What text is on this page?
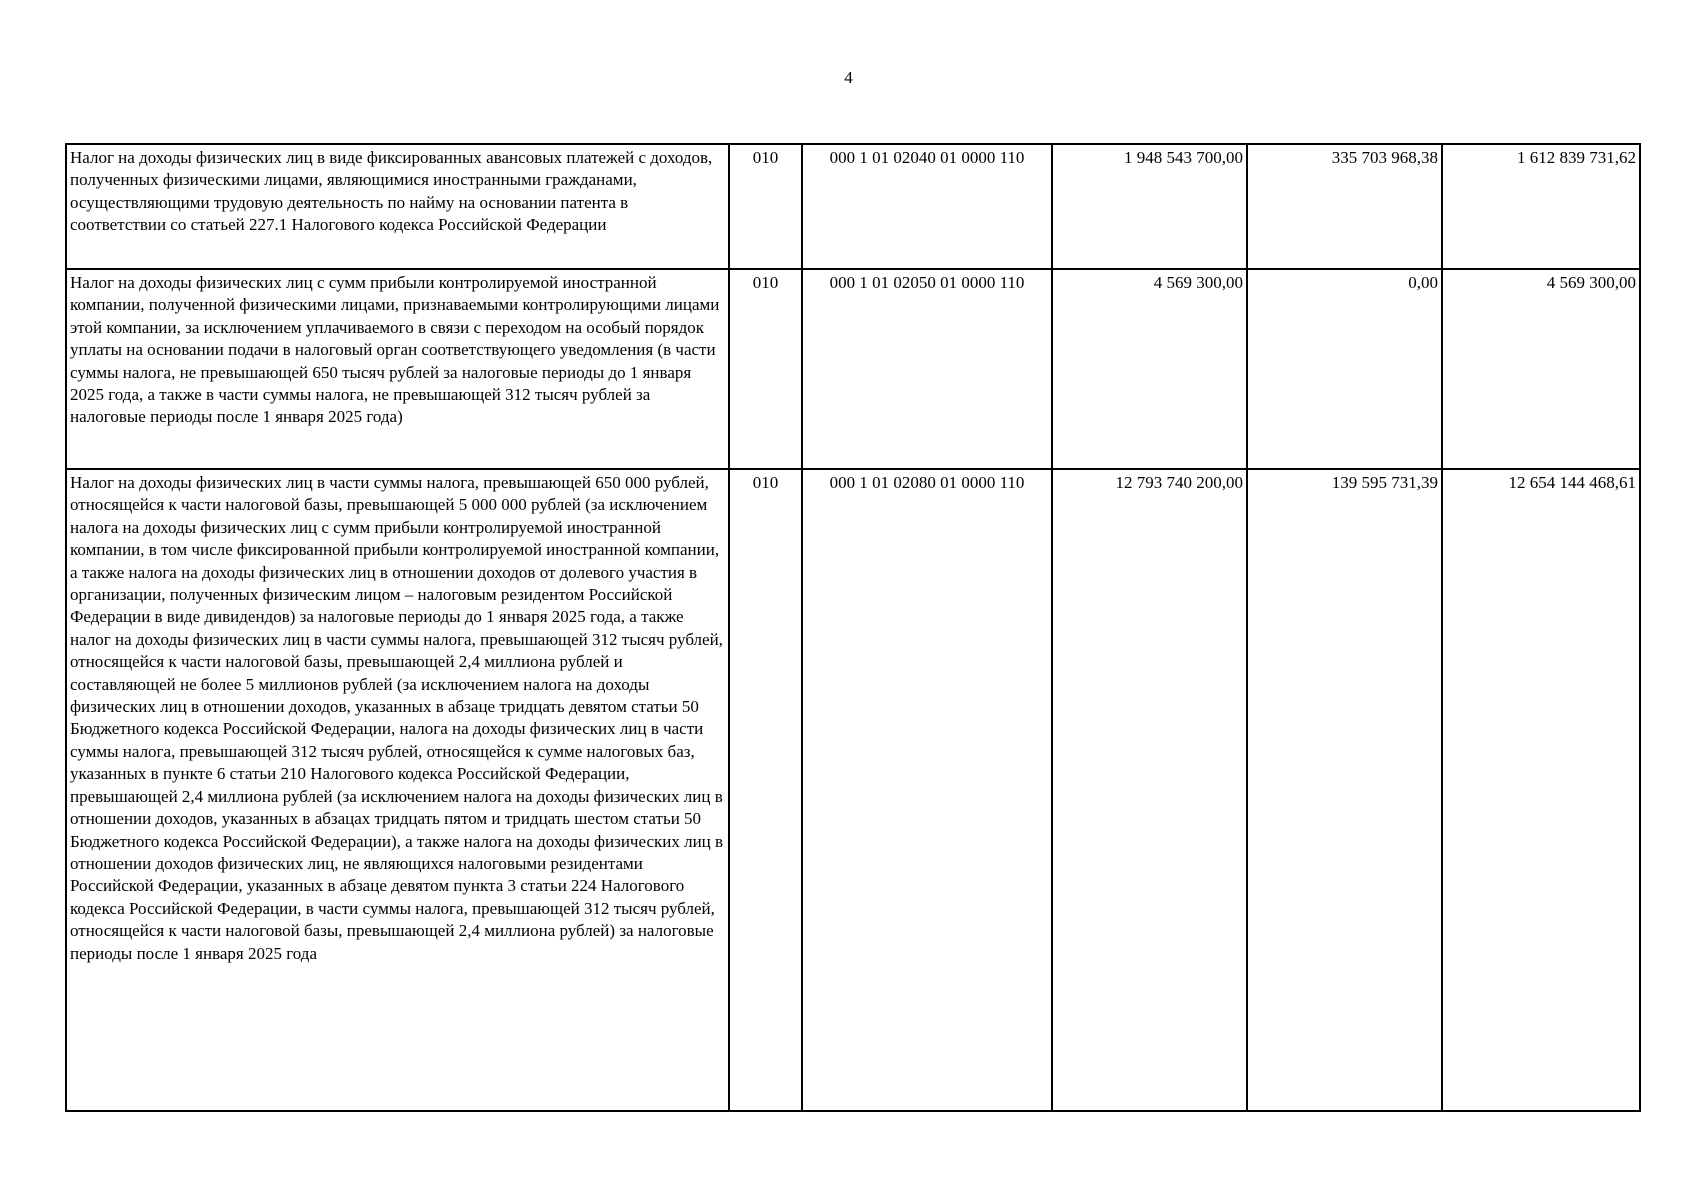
4
Налог на доходы физических лиц в виде фиксированных авансовых платежей с доходов, полученных физическими лицами, являющимися иностранными гражданами, осуществляющими трудовую деятельность по найму на основании патента в соответствии со статьей 227.1 Налогового кодекса Российской Федерации	010	000 1 01 02040 01 0000 110	1 948 543 700,00	335 703 968,38	1 612 839 731,62
Налог на доходы физических лиц с сумм прибыли контролируемой иностранной компании, полученной физическими лицами, признаваемыми контролирующими лицами этой компании, за исключением уплачиваемого в связи с переходом на особый порядок уплаты на основании подачи в налоговый орган соответствующего уведомления (в части суммы налога, не превышающей 650 тысяч рублей за налоговые периоды до 1 января 2025 года, а также в части суммы налога, не превышающей 312 тысяч рублей за налоговые периоды после 1 января 2025 года)	010	000 1 01 02050 01 0000 110	4 569 300,00	0,00	4 569 300,00
Налог на доходы физических лиц в части суммы налога, превышающей 650 000 рублей, относящейся к части налоговой базы, превышающей 5 000 000 рублей (за исключением налога на доходы физических лиц с сумм прибыли контролируемой иностранной компании, в том числе фиксированной прибыли контролируемой иностранной компании, а также налога на доходы физических лиц в отношении доходов от долевого участия в организации, полученных физическим лицом – налоговым резидентом Российской Федерации в виде дивидендов) за налоговые периоды до 1 января 2025 года, а также налог на доходы физических лиц в части суммы налога, превышающей 312 тысяч рублей, относящейся к части налоговой базы, превышающей 2,4 миллиона рублей и составляющей не более 5 миллионов рублей (за исключением налога на доходы физических лиц в отношении доходов, указанных в абзаце тридцать девятом статьи 50 Бюджетного кодекса Российской Федерации, налога на доходы физических лиц в части суммы налога, превышающей 312 тысяч рублей, относящейся к сумме налоговых баз, указанных в пункте 6 статьи 210 Налогового кодекса Российской Федерации, превышающей 2,4 миллиона рублей (за исключением налога на доходы физических лиц в отношении доходов, указанных в абзацах тридцать пятом и тридцать шестом статьи 50 Бюджетного кодекса Российской Федерации), а также налога на доходы физических лиц в отношении доходов физических лиц, не являющихся налоговыми резидентами Российской Федерации, указанных в абзаце девятом пункта 3 статьи 224 Налогового кодекса Российской Федерации, в части суммы налога, превышающей 312 тысяч рублей, относящейся к части налоговой базы, превышающей 2,4 миллиона рублей) за налоговые периоды после 1 января 2025 года	010	000 1 01 02080 01 0000 110	12 793 740 200,00	139 595 731,39	12 654 144 468,61
